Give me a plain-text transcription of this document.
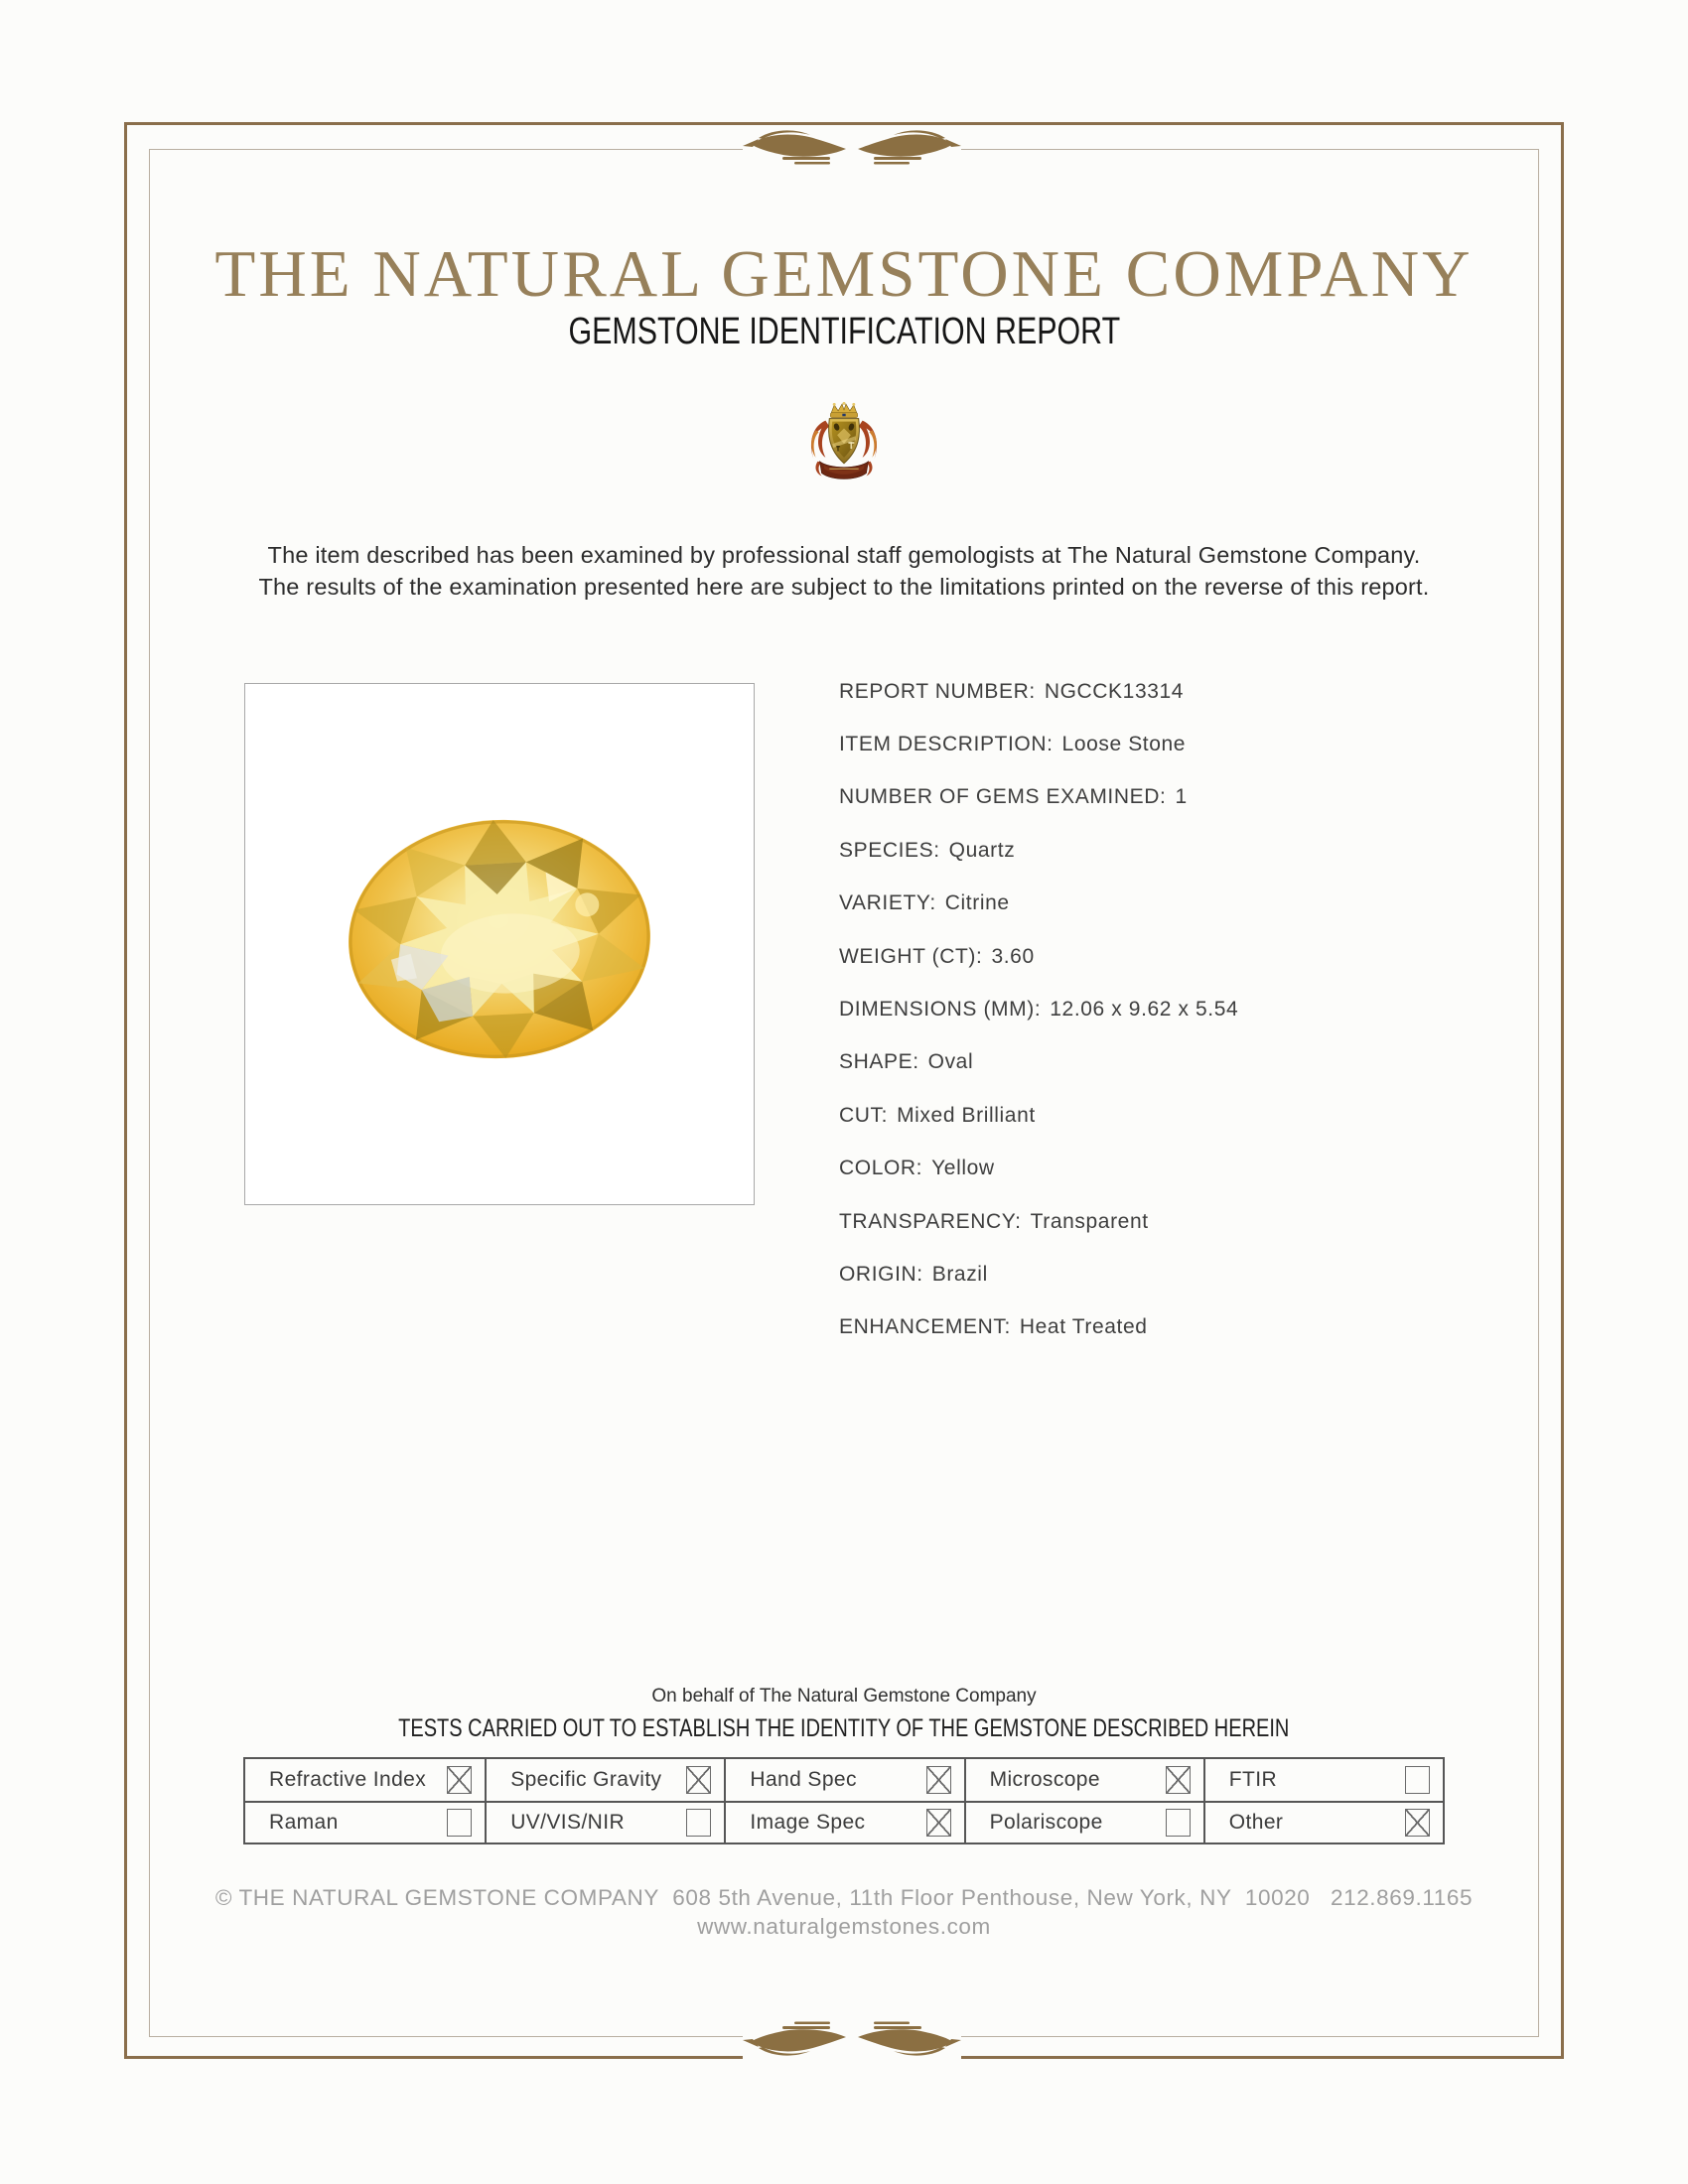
THE NATURAL GEMSTONE COMPANY
GEMSTONE IDENTIFICATION REPORT

The item described has been examined by professional staff gemologists at The Natural Gemstone Company.
The results of the examination presented here are subject to the limitations printed on the reverse of this report.

REPORT NUMBER: NGCCK13314
ITEM DESCRIPTION: Loose Stone
NUMBER OF GEMS EXAMINED: 1
SPECIES: Quartz
VARIETY: Citrine
WEIGHT (CT): 3.60
DIMENSIONS (MM): 12.06 x 9.62 x 5.54
SHAPE: Oval
CUT: Mixed Brilliant
COLOR: Yellow
TRANSPARENCY: Transparent
ORIGIN: Brazil
ENHANCEMENT: Heat Treated
On behalf of The Natural Gemstone Company
TESTS CARRIED OUT TO ESTABLISH THE IDENTITY OF THE GEMSTONE DESCRIBED HEREIN
Refractive Index	Specific Gravity	Hand Spec	Microscope	FTIR
Raman	UV/VIS/NIR	Image Spec	Polariscope	Other
© THE NATURAL GEMSTONE COMPANY  608 5th Avenue, 11th Floor Penthouse, New York, NY  10020   212.869.1165
www.naturalgemstones.com
